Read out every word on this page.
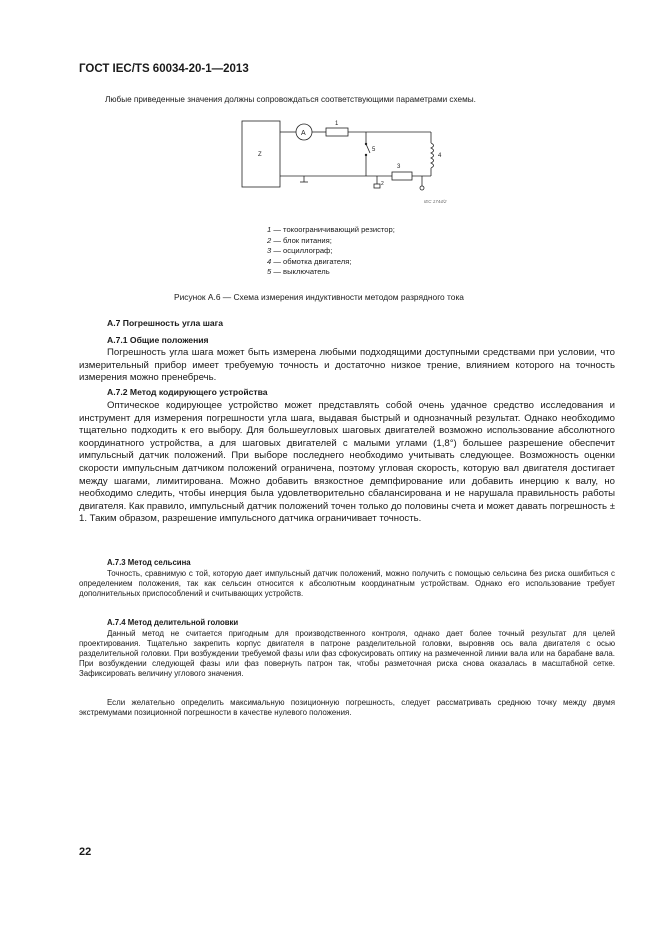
ГОСТ IEC/TS 60034-20-1—2013
Любые приведенные значения должны сопровождаться соответствующими параметрами схемы.
Z
A
1
5
4
3
2
IEC 1744/2
1 — токоограничивающий резистор;
2 — блок питания;
3 — осциллограф;
4 — обмотка двигателя;
5 — выключатель
Рисунок А.6 — Схема измерения индуктивности методом разрядного тока
А.7 Погрешность угла шага
А.7.1 Общие положения

Погрешность угла шага может быть измерена любыми подходящими доступными средствами при условии, что измерительный прибор имеет требуемую точность и достаточно низкое трение, влиянием которого на точность измерения можно пренебречь.

А.7.2 Метод кодирующего устройства

Оптическое кодирующее устройство может представлять собой очень удачное средство исследования и инструмент для измерения погрешности угла шага, выдавая быстрый и однозначный результат. Однако необходимо тщательно подходить к его выбору. Для большеугловых шаговых двигателей возможно использование абсолютного координатного устройства, а для шаговых двигателей с малыми углами (1,8°) большее разрешение обеспечит импульсный датчик положений. При выборе последнего необходимо учитывать следующее. Возможность оценки скорости импульсным датчиком положений ограничена, поэтому угловая скорость, которую вал двигателя достигает между шагами, лимитирована. Можно добавить вязкостное демпфирование или добавить инерцию к валу, но необходимо следить, чтобы инерция была удовлетворительно сбалансирована и не нарушала правильность работы двигателя. Как правило, импульсный датчик положений точен только до половины счета и может давать погрешность ± 1. Таким образом, разрешение импульсного датчика ограничивает точность.

А.7.3 Метод сельсина

Точность, сравнимую с той, которую дает импульсный датчик положений, можно получить с помощью сельсина без риска ошибиться с определением положения, так как сельсин относится к абсолютным координатным устройствам. Однако его использование требует дополнительных приспособлений и считывающих устройств.

А.7.4 Метод делительной головки

Данный метод не считается пригодным для производственного контроля, однако дает более точный результат для целей проектирования. Тщательно закрепить корпус двигателя в патроне разделительной головки, выровняв ось вала двигателя с осью разделительной головки. При возбуждении требуемой фазы или фаз сфокусировать оптику на размеченной линии вала или на барабане вала. При возбуждении следующей фазы или фаз повернуть патрон так, чтобы разметочная риска снова оказалась в масштабной сетке. Зафиксировать величину углового значения.

Если желательно определить максимальную позиционную погрешность, следует рассматривать среднюю точку между двумя экстремумами позиционной погрешности в качестве нулевого положения.

22
